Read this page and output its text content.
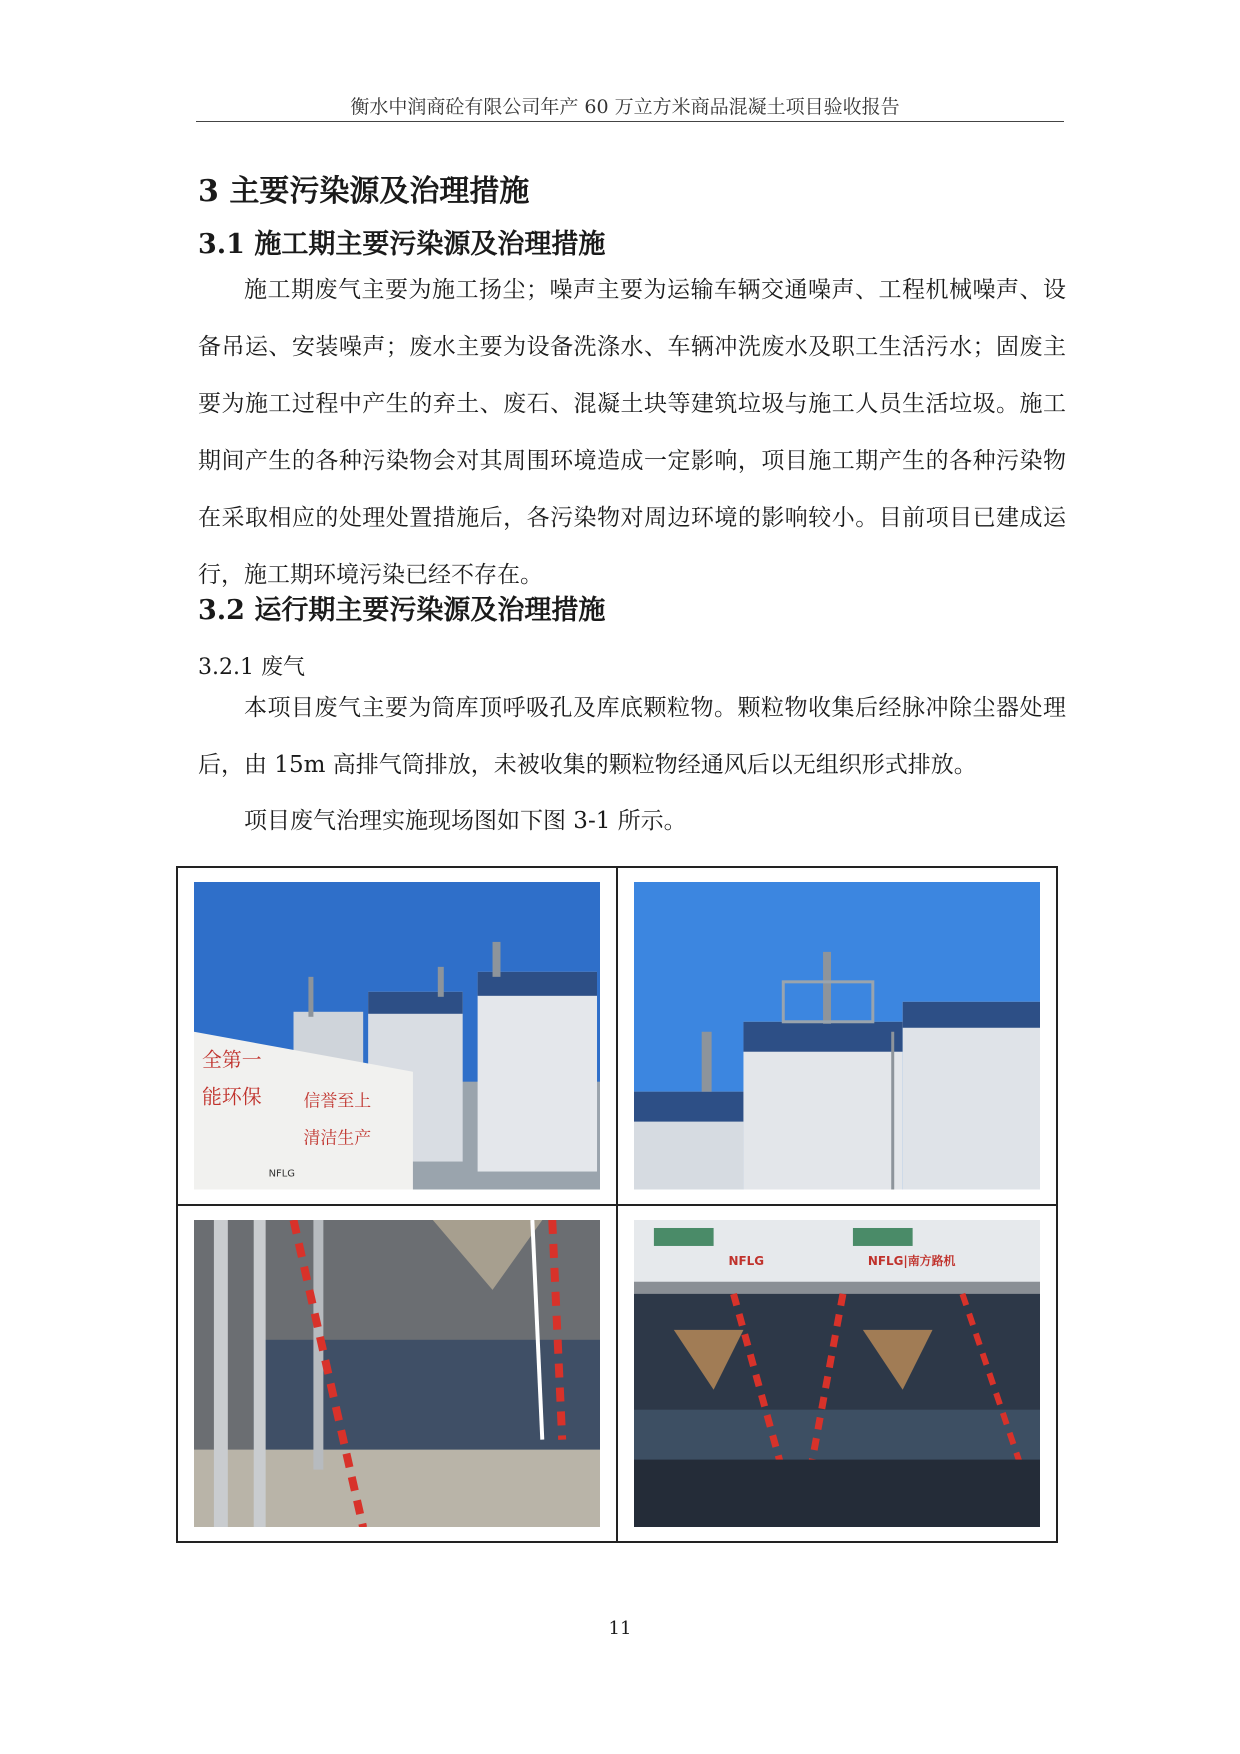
衡水中润商砼有限公司年产 60 万立方米商品混凝土项目验收报告
3 主要污染源及治理措施
3.1 施工期主要污染源及治理措施

施工期废气主要为施工扬尘；噪声主要为运输车辆交通噪声、工程机械噪声、设备吊运、安装噪声；废水主要为设备洗涤水、车辆冲洗废水及职工生活污水；固废主要为施工过程中产生的弃土、废石、混凝土块等建筑垃圾与施工人员生活垃圾。施工期间产生的各种污染物会对其周围环境造成一定影响，项目施工期产生的各种污染物在采取相应的处理处置措施后，各污染物对周边环境的影响较小。目前项目已建成运行，施工期环境污染已经不存在。

3.2 运行期主要污染源及治理措施
3.2.1 废气

本项目废气主要为筒库顶呼吸孔及库底颗粒物。颗粒物收集后经脉冲除尘器处理后，由 15m 高排气筒排放，未被收集的颗粒物经通风后以无组织形式排放。

项目废气治理实施现场图如下图 3-1 所示。

全第一
能环保 信誉至上
清洁生产
NFLG
NFLG	NFLG|南方路机
11
